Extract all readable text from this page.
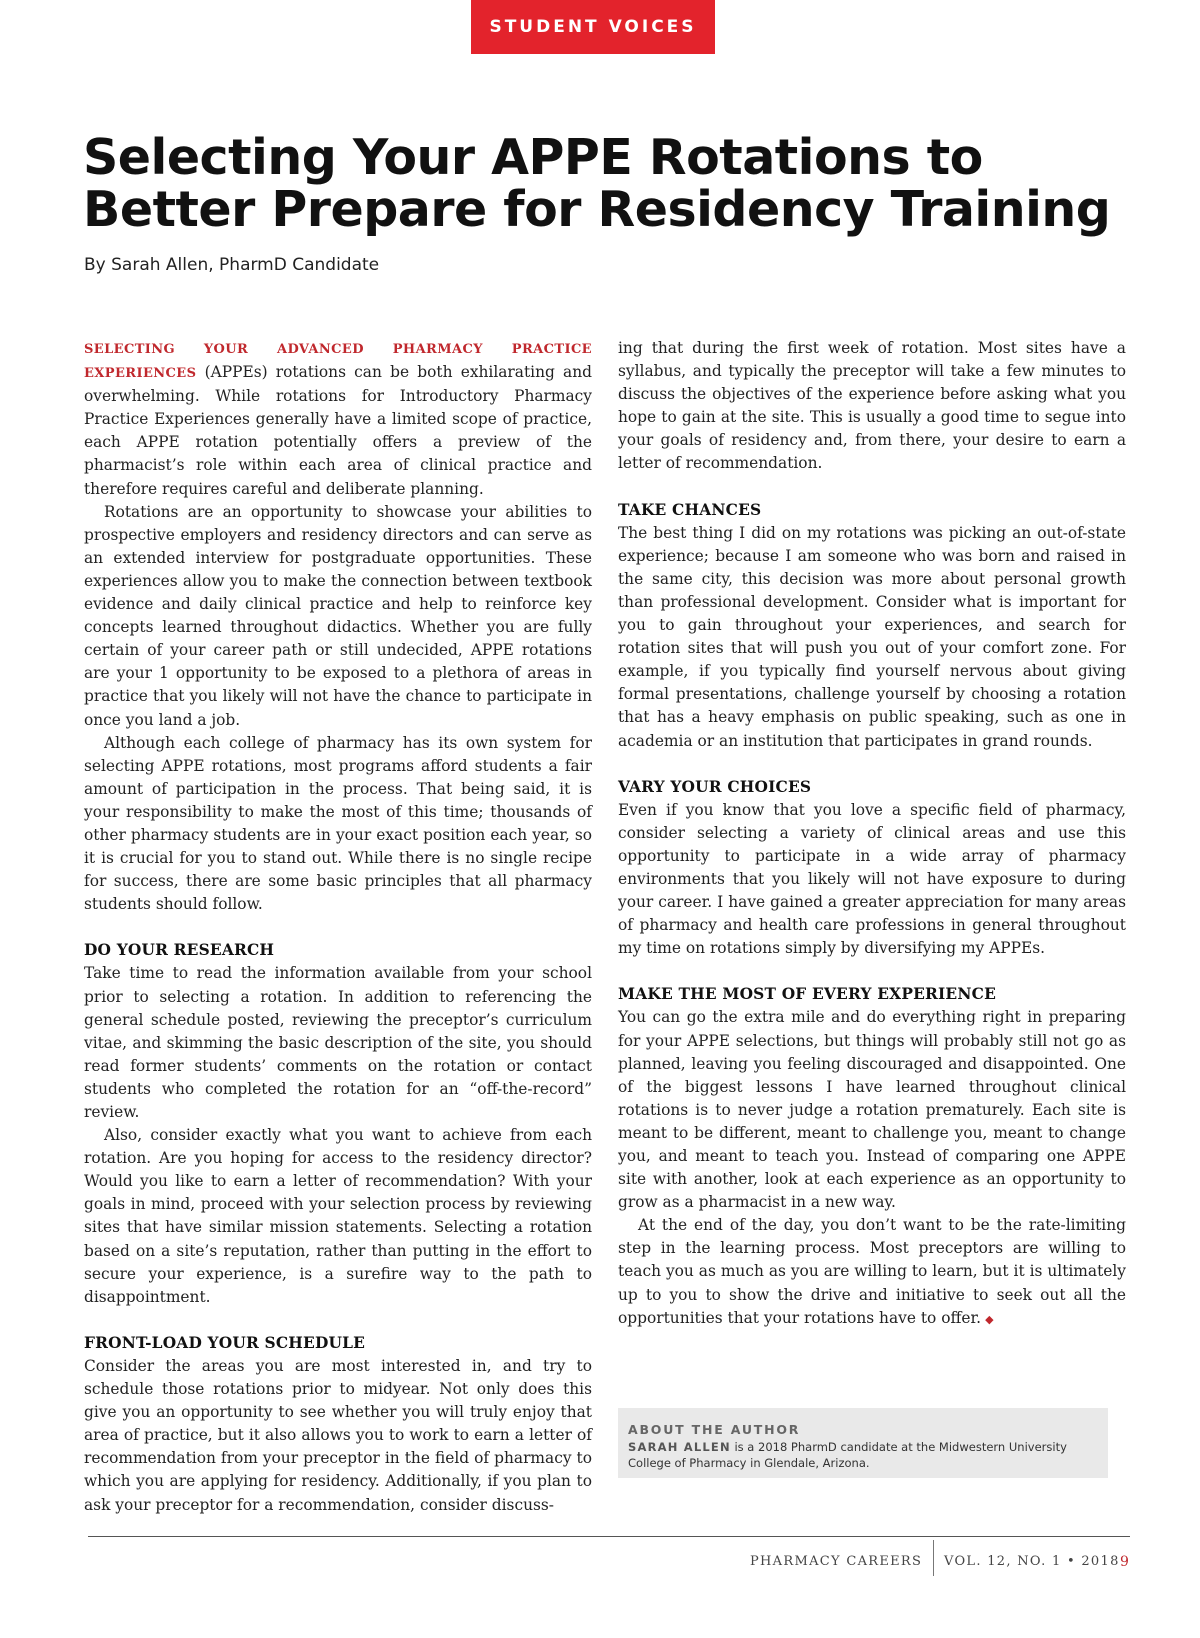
STUDENT VOICES
Selecting Your APPE Rotations to Better Prepare for Residency Training
By Sarah Allen, PharmD Candidate

SELECTING YOUR ADVANCED PHARMACY PRACTICE EXPERIENCES (APPEs) rotations can be both exhilarating and overwhelming. While rotations for Introductory Pharmacy Practice Experiences generally have a limited scope of practice, each APPE rotation potentially offers a preview of the pharmacist’s role within each area of clinical practice and therefore requires careful and deliberate planning.

Rotations are an opportunity to showcase your abilities to prospective employers and residency directors and can serve as an extended interview for postgraduate opportunities. These experiences allow you to make the connection between textbook evidence and daily clinical practice and help to reinforce key concepts learned throughout didactics. Whether you are fully certain of your career path or still undecided, APPE rotations are your 1 opportunity to be exposed to a plethora of areas in practice that you likely will not have the chance to participate in once you land a job.

Although each college of pharmacy has its own system for selecting APPE rotations, most programs afford students a fair amount of participation in the process. That being said, it is your responsibility to make the most of this time; thousands of other pharmacy students are in your exact position each year, so it is crucial for you to stand out. While there is no single recipe for success, there are some basic principles that all pharmacy students should follow.

DO YOUR RESEARCH

Take time to read the information available from your school prior to selecting a rotation. In addition to referencing the general schedule posted, reviewing the preceptor’s curriculum vitae, and skimming the basic description of the site, you should read former students’ comments on the rotation or contact students who completed the rotation for an “off-the-record” review.

Also, consider exactly what you want to achieve from each rotation. Are you hoping for access to the residency director? Would you like to earn a letter of recommendation? With your goals in mind, proceed with your selection process by reviewing sites that have similar mission statements. Selecting a rotation based on a site’s reputation, rather than putting in the effort to secure your experience, is a surefire way to the path to disappointment.

FRONT-LOAD YOUR SCHEDULE

Consider the areas you are most interested in, and try to schedule those rotations prior to midyear. Not only does this give you an opportunity to see whether you will truly enjoy that area of practice, but it also allows you to work to earn a letter of recommendation from your preceptor in the field of pharmacy to which you are applying for residency. Additionally, if you plan to ask your preceptor for a recommendation, consider discuss-

ing that during the first week of rotation. Most sites have a syllabus, and typically the preceptor will take a few minutes to discuss the objectives of the experience before asking what you hope to gain at the site. This is usually a good time to segue into your goals of residency and, from there, your desire to earn a letter of recommendation.

TAKE CHANCES

The best thing I did on my rotations was picking an out-of-state experience; because I am someone who was born and raised in the same city, this decision was more about personal growth than professional development. Consider what is important for you to gain throughout your experiences, and search for rotation sites that will push you out of your comfort zone. For example, if you typically find yourself nervous about giving formal presentations, challenge yourself by choosing a rotation that has a heavy emphasis on public speaking, such as one in academia or an institution that participates in grand rounds.

VARY YOUR CHOICES

Even if you know that you love a specific field of pharmacy, consider selecting a variety of clinical areas and use this opportunity to participate in a wide array of pharmacy environments that you likely will not have exposure to during your career. I have gained a greater appreciation for many areas of pharmacy and health care professions in general throughout my time on rotations simply by diversifying my APPEs.

MAKE THE MOST OF EVERY EXPERIENCE

You can go the extra mile and do everything right in preparing for your APPE selections, but things will probably still not go as planned, leaving you feeling discouraged and disappointed. One of the biggest lessons I have learned throughout clinical rotations is to never judge a rotation prematurely. Each site is meant to be different, meant to challenge you, meant to change you, and meant to teach you. Instead of comparing one APPE site with another, look at each experience as an opportunity to grow as a pharmacist in a new way.

At the end of the day, you don’t want to be the rate-limiting step in the learning process. Most preceptors are willing to teach you as much as you are willing to learn, but it is ultimately up to you to show the drive and initiative to seek out all the opportunities that your rotations have to offer. ◆

ABOUT THE AUTHOR
SARAH ALLEN is a 2018 PharmD candidate at the Midwestern University College of Pharmacy in Glendale, Arizona.
PHARMACY CAREERS VOL. 12, NO. 1 • 2018 9
